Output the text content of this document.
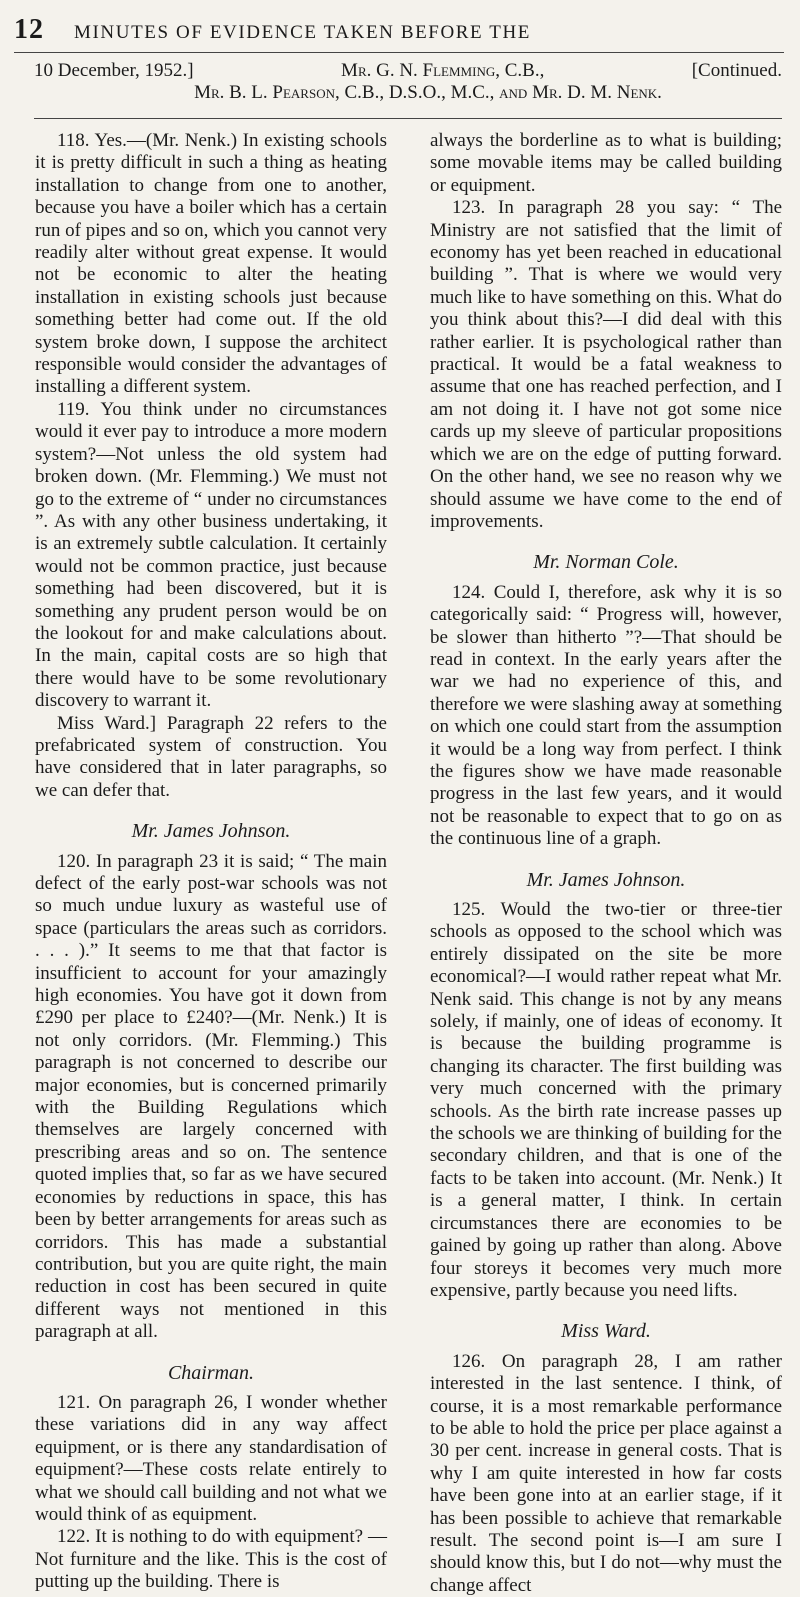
12	MINUTES OF EVIDENCE TAKEN BEFORE THE
10 December, 1952.]	Mr. G. N. Flemming, C.B.,	[Continued.
Mr. B. L. Pearson, C.B., D.S.O., M.C., and Mr. D. M. Nenk.

118. Yes.—(Mr. Nenk.) In existing schools it is pretty difficult in such a thing as heating installation to change from one to another, because you have a boiler which has a certain run of pipes and so on, which you cannot very readily alter without great expense. It would not be economic to alter the heating installation in existing schools just because something better had come out. If the old system broke down, I suppose the architect responsible would consider the advantages of installing a different system.

119. You think under no circumstances would it ever pay to introduce a more modern system?—Not unless the old system had broken down. (Mr. Flemming.) We must not go to the extreme of “ under no circumstances ”. As with any other business undertaking, it is an extremely subtle calculation. It certainly would not be common practice, just because something had been discovered, but it is something any prudent person would be on the lookout for and make calculations about. In the main, capital costs are so high that there would have to be some revolutionary discovery to warrant it.

Miss Ward.] Paragraph 22 refers to the prefabricated system of construction. You have considered that in later paragraphs, so we can defer that.

Mr. James Johnson.

120. In paragraph 23 it is said; “ The main defect of the early post-war schools was not so much undue luxury as wasteful use of space (particulars the areas such as corridors. . . . ).” It seems to me that that factor is insufficient to account for your amazingly high economies. You have got it down from £290 per place to £240?—(Mr. Nenk.) It is not only corridors. (Mr. Flemming.) This paragraph is not concerned to describe our major economies, but is concerned primarily with the Building Regulations which themselves are largely concerned with prescribing areas and so on. The sentence quoted implies that, so far as we have secured economies by reductions in space, this has been by better arrangements for areas such as corridors. This has made a substantial contribution, but you are quite right, the main reduction in cost has been secured in quite different ways not mentioned in this paragraph at all.

Chairman.

121. On paragraph 26, I wonder whether these variations did in any way affect equipment, or is there any standardisation of equipment?—These costs relate entirely to what we should call building and not what we would think of as equipment.

122. It is nothing to do with equipment? —Not furniture and the like. This is the cost of putting up the building. There is

always the borderline as to what is building; some movable items may be called building or equipment.

123. In paragraph 28 you say: “ The Ministry are not satisfied that the limit of economy has yet been reached in educational building ”. That is where we would very much like to have something on this. What do you think about this?—I did deal with this rather earlier. It is psychological rather than practical. It would be a fatal weakness to assume that one has reached perfection, and I am not doing it. I have not got some nice cards up my sleeve of particular propositions which we are on the edge of putting forward. On the other hand, we see no reason why we should assume we have come to the end of improvements.

Mr. Norman Cole.

124. Could I, therefore, ask why it is so categorically said: “ Progress will, however, be slower than hitherto ”?—That should be read in context. In the early years after the war we had no experience of this, and therefore we were slashing away at something on which one could start from the assumption it would be a long way from perfect. I think the figures show we have made reasonable progress in the last few years, and it would not be reasonable to expect that to go on as the continuous line of a graph.

Mr. James Johnson.

125. Would the two-tier or three-tier schools as opposed to the school which was entirely dissipated on the site be more economical?—I would rather repeat what Mr. Nenk said. This change is not by any means solely, if mainly, one of ideas of economy. It is because the building programme is changing its character. The first building was very much concerned with the primary schools. As the birth rate increase passes up the schools we are thinking of building for the secondary children, and that is one of the facts to be taken into account. (Mr. Nenk.) It is a general matter, I think. In certain circumstances there are economies to be gained by going up rather than along. Above four storeys it becomes very much more expensive, partly because you need lifts.

Miss Ward.

126. On paragraph 28, I am rather interested in the last sentence. I think, of course, it is a most remarkable performance to be able to hold the price per place against a 30 per cent. increase in general costs. That is why I am quite interested in how far costs have been gone into at an earlier stage, if it has been possible to achieve that remarkable result. The second point is—I am sure I should know this, but I do not—why must the change affect
